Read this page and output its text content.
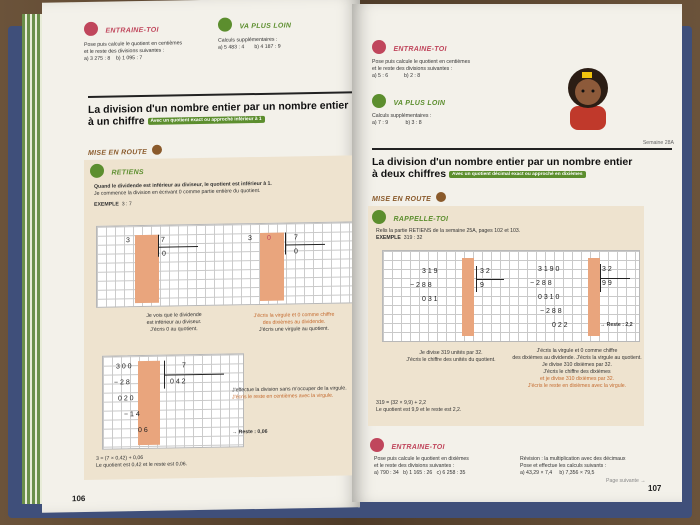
ENTRAINE-TOI
Pose puis calcule le quotient en centièmes
et le reste des divisions suivantes :
a) 3 275 : 8 b) 1 095 : 7
VA PLUS LOIN
Calculs supplémentaires :
a) 5 483 : 4 b) 4 187 : 9
La division d'un nombre entier par un nombre entier
à un chiffre Avec un quotient exact ou approché inférieur à 1
MISE EN ROUTE
RETIENS
Quand le dividende est inférieur au diviseur, le quotient est inférieur à 1.
Je commence la division en écrivant 0 comme partie entière du quotient.
EXEMPLE 3 : 7
3	7
0
3 0	7
0
Je vois que le dividende
est inférieur au diviseur.
J'écris 0 au quotient.
J'écris la virgule et 0 comme chiffre
des dixièmes au dividende.
J'écris une virgule au quotient.
3 0 0
− 2 8
0 2 0
− 1 4
0 6
7
0 4 2
J'effectue la division sans m'occuper de la virgule.
J'écris le reste en centièmes avec la virgule.
→ Reste : 0,06
3 = (7 × 0,42) + 0,06
Le quotient est 0,42 et le reste est 0,06.
106
ENTRAINE-TOI
Pose puis calcule le quotient en centièmes
et le reste des divisions suivantes :
a) 5 : 6	b) 2 : 8
VA PLUS LOIN
Calculs supplémentaires :
a) 7 : 9	b) 3 : 8
Semaine 28A
La division d'un nombre entier par un nombre entier
à deux chiffres Avec un quotient décimal exact ou approché en dixièmes
MISE EN ROUTE
RAPPELLE-TOI
Relis la partie RETIENS de la semaine 25A, pages 102 et 103.
EXEMPLE 319 : 32
3 1 9
− 2 8 8
0 3 1
3 2
9
3 1 9 0
− 2 8 8
0 3 1 0
− 2 8 8
0 2 2
3 2
9 9
→ Reste : 2,2
Je divise 319 unités par 32.
J'écris le chiffre des unités du quotient.
J'écris la virgule et 0 comme chiffre
des dixièmes au dividende. J'écris la virgule au quotient.
Je divise 310 dixièmes par 32.
J'écris le chiffre des dixièmes
et je divise 310 dixièmes par 32.
J'écris le reste en dixièmes avec la virgule.
319 = (32 × 9,9) + 2,2
Le quotient est 9,9 et le reste est 2,2.
ENTRAINE-TOI
Pose puis calcule le quotient en dixièmes
et le reste des divisions suivantes :
a) 790 : 34 b) 1 165 : 26 c) 6 258 : 35
Révision : la multiplication avec des décimaux
Pose et effectue les calculs suivants :
a) 43,29 × 7,4 b) 7,356 × 79,5
Page suivante →
107
